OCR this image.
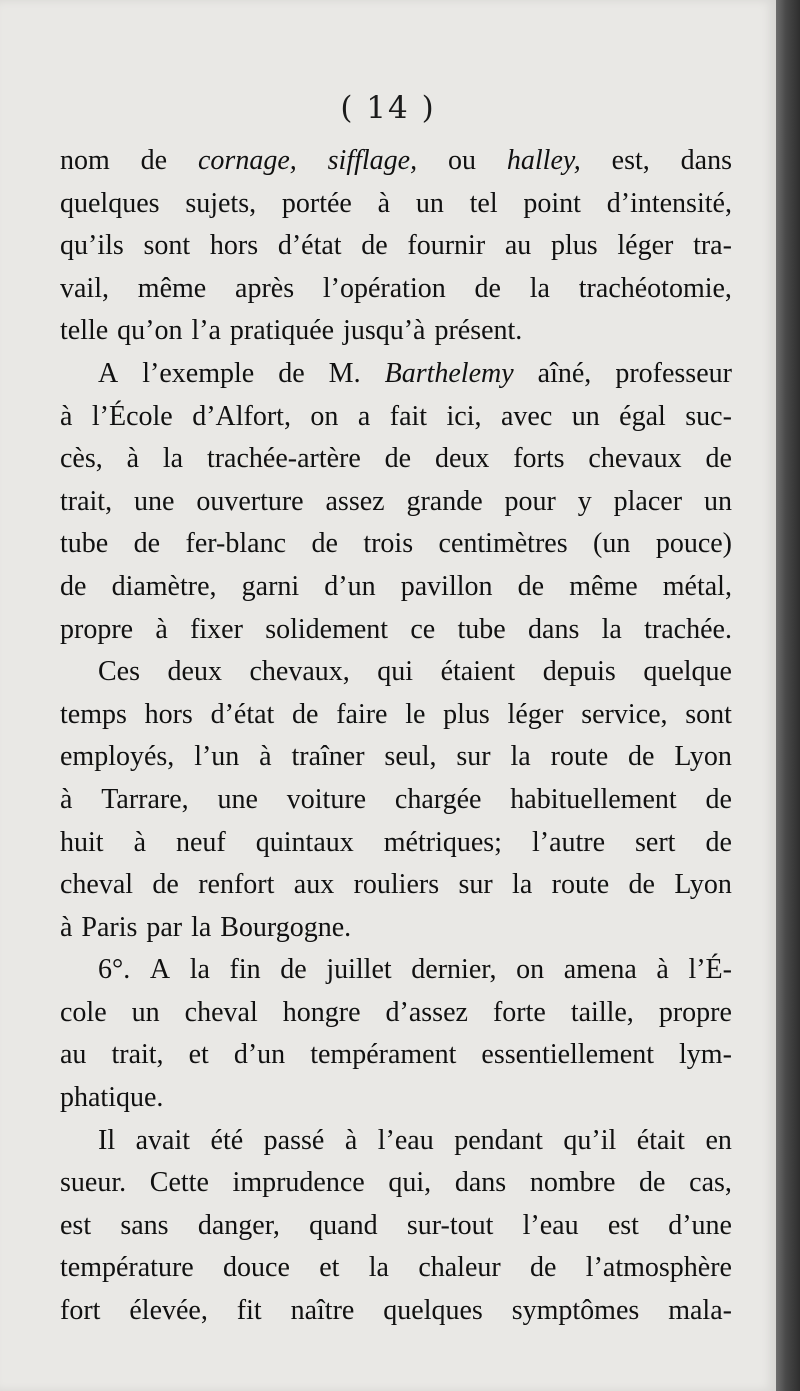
( 14 )
nom de cornage, sifflage, ou halley, est, dans
quelques sujets, portée à un tel point d’intensité,
qu’ils sont hors d’état de fournir au plus léger tra-
vail, même après l’opération de la trachéotomie,
telle qu’on l’a pratiquée jusqu’à présent.
A l’exemple de M. Barthelemy aîné, professeur
à l’École d’Alfort, on a fait ici, avec un égal suc-
cès, à la trachée-artère de deux forts chevaux de
trait, une ouverture assez grande pour y placer un
tube de fer-blanc de trois centimètres (un pouce)
de diamètre, garni d’un pavillon de même métal,
propre à fixer solidement ce tube dans la trachée.
Ces deux chevaux, qui étaient depuis quelque
temps hors d’état de faire le plus léger service, sont
employés, l’un à traîner seul, sur la route de Lyon
à Tarrare, une voiture chargée habituellement de
huit à neuf quintaux métriques; l’autre sert de
cheval de renfort aux rouliers sur la route de Lyon
à Paris par la Bourgogne.
6°. A la fin de juillet dernier, on amena à l’É-
cole un cheval hongre d’assez forte taille, propre
au trait, et d’un tempérament essentiellement lym-
phatique.
Il avait été passé à l’eau pendant qu’il était en
sueur. Cette imprudence qui, dans nombre de cas,
est sans danger, quand sur-tout l’eau est d’une
température douce et la chaleur de l’atmosphère
fort élevée, fit naître quelques symptômes mala-
